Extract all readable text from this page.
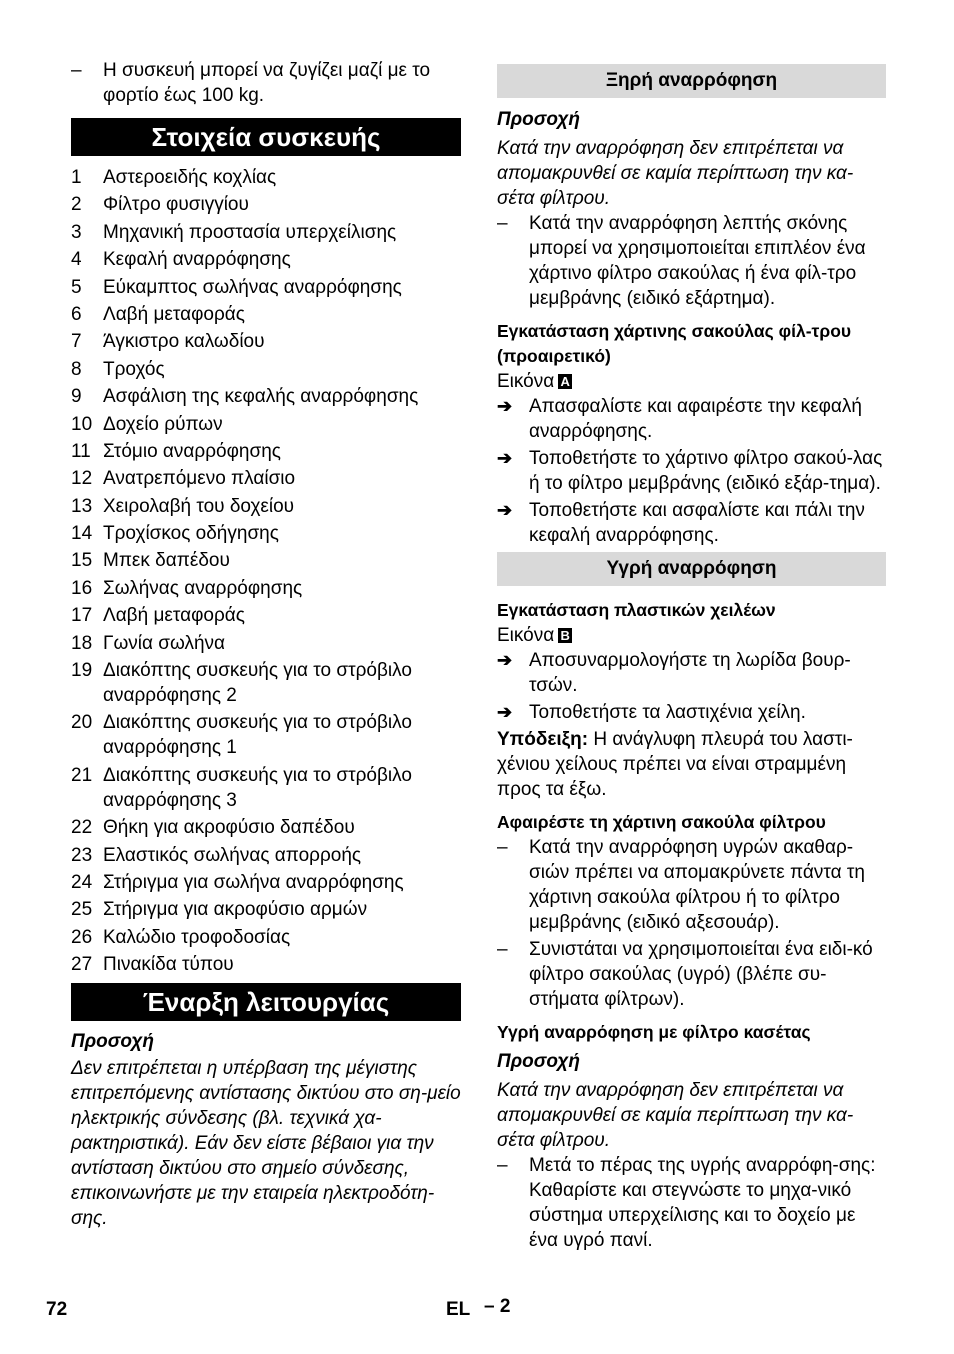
–	Η συσκευή μπορεί να ζυγίζει μαζί με το φορτίο έως 100 kg.
Στοιχεία συσκευής
1 Αστεροειδής κοχλίας
2 Φίλτρο φυσιγγίου
3 Μηχανική προστασία υπερχείλισης
4 Κεφαλή αναρρόφησης
5 Εύκαμπτος σωλήνας αναρρόφησης
6 Λαβή μεταφοράς
7 Άγκιστρο καλωδίου
8 Τροχός
9 Ασφάλιση της κεφαλής αναρρόφησης
10 Δοχείο ρύπων
11 Στόμιο αναρρόφησης
12 Ανατρεπόμενο πλαίσιο
13 Χειρολαβή του δοχείου
14 Τροχίσκος οδήγησης
15 Μπεκ δαπέδου
16 Σωλήνας αναρρόφησης
17 Λαβή μεταφοράς
18 Γωνία σωλήνα
19 Διακόπτης συσκευής για το στρόβιλο αναρρόφησης 2
20 Διακόπτης συσκευής για το στρόβιλο αναρρόφησης 1
21 Διακόπτης συσκευής για το στρόβιλο αναρρόφησης 3
22 Θήκη για ακροφύσιο δαπέδου
23 Ελαστικός σωλήνας απορροής
24 Στήριγμα για σωλήνα αναρρόφησης
25 Στήριγμα για ακροφύσιο αρμών
26 Καλώδιο τροφοδοσίας
27 Πινακίδα τύπου
Έναρξη λειτουργίας

Προσοχή

Δεν επιτρέπεται η υπέρβαση της μέγιστης επιτρεπόμενης αντίστασης δικτύου στο ση-μείο ηλεκτρικής σύνδεσης (βλ. τεχνικά χα-ρακτηριστικά). Εάν δεν είστε βέβαιοι για την αντίσταση δικτύου στο σημείο σύνδεσης, επικοινωνήστε με την εταιρεία ηλεκτροδότη-σης.

Ξηρή αναρρόφηση

Προσοχή

Κατά την αναρρόφηση δεν επιτρέπεται να απομακρυνθεί σε καμία περίπτωση την κα-σέτα φίλτρου.

–	Κατά την αναρρόφηση λεπτής σκόνης μπορεί να χρησιμοποιείται επιπλέον ένα χάρτινο φίλτρο σακούλας ή ένα φίλ-τρο μεμβράνης (ειδικό εξάρτημα).

Εγκατάσταση χάρτινης σακούλας φίλ-τρου (προαιρετικό)

Εικόνα A

➔ Απασφαλίστε και αφαιρέστε την κεφαλή αναρρόφησης.
➔ Τοποθετήστε το χάρτινο φίλτρο σακού-λας ή το φίλτρο μεμβράνης (ειδικό εξάρ-τημα).
➔ Τοποθετήστε και ασφαλίστε και πάλι την κεφαλή αναρρόφησης.
Υγρή αναρρόφηση

Εγκατάσταση πλαστικών χειλέων

Εικόνα B

➔ Αποσυναρμολογήστε τη λωρίδα βουρ-τσών.
➔ Τοποθετήστε τα λαστιχένια χείλη.

Υπόδειξη: Η ανάγλυφη πλευρά του λαστι-χένιου χείλους πρέπει να είναι στραμμένη προς τα έξω.

Αφαιρέστε τη χάρτινη σακούλα φίλτρου

–	Κατά την αναρρόφηση υγρών ακαθαρ-σιών πρέπει να απομακρύνετε πάντα τη χάρτινη σακούλα φίλτρου ή το φίλτρο μεμβράνης (ειδικό αξεσουάρ).
–	Συνιστάται να χρησιμοποιείται ένα ειδι-κό φίλτρο σακούλας (υγρό) (βλέπε συ-στήματα φίλτρων).

Υγρή αναρρόφηση με φίλτρο κασέτας

Προσοχή

Κατά την αναρρόφηση δεν επιτρέπεται να απομακρυνθεί σε καμία περίπτωση την κα-σέτα φίλτρου.

–	Μετά το πέρας της υγρής αναρρόφη-σης: Καθαρίστε και στεγνώστε το μηχα-νικό σύστημα υπερχείλισης και το δοχείο με ένα υγρό πανί.
72	EL – 2
